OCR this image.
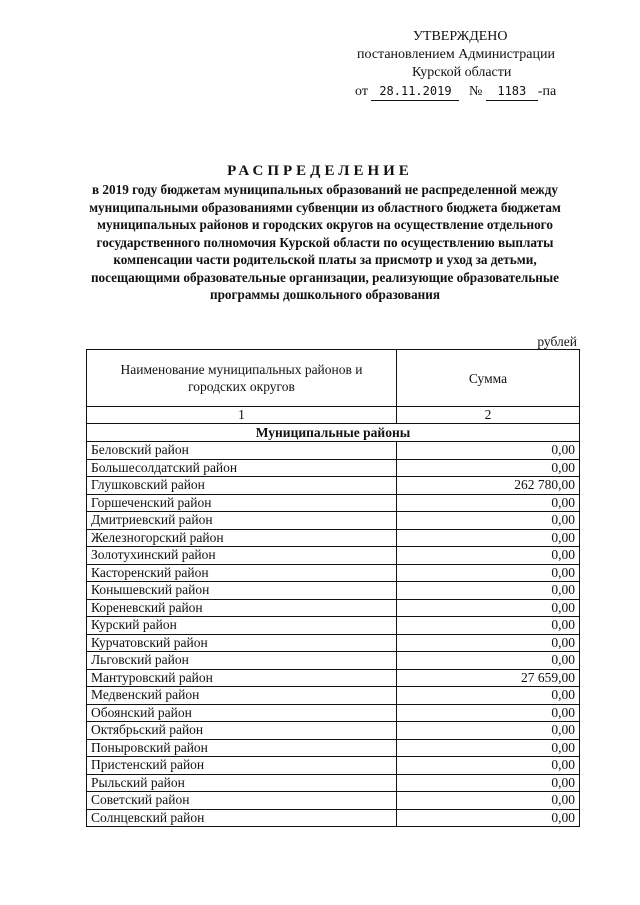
УТВЕРЖДЕНО
постановлением Администрации
Курской области
от 28.11.2019 № 1183 -па
РАСПРЕДЕЛЕНИЕ
в 2019 году бюджетам муниципальных образований не распределенной между муниципальными образованиями субвенции из областного бюджета бюджетам муниципальных районов и городских округов на осуществление отдельного государственного полномочия Курской области по осуществлению выплаты компенсации части родительской платы за присмотр и уход за детьми, посещающими образовательные организации, реализующие образовательные программы дошкольного образования
рублей
Наименование муниципальных районов и городских округов	Сумма
1	2
Муниципальные районы	
Беловский район	0,00
Большесолдатский район	0,00
Глушковский район	262 780,00
Горшеченский район	0,00
Дмитриевский район	0,00
Железногорский район	0,00
Золотухинский район	0,00
Касторенский район	0,00
Конышевский район	0,00
Кореневский район	0,00
Курский район	0,00
Курчатовский район	0,00
Льговский район	0,00
Мантуровский район	27 659,00
Медвенский район	0,00
Обоянский район	0,00
Октябрьский район	0,00
Поныровский район	0,00
Пристенский район	0,00
Рыльский район	0,00
Советский район	0,00
Солнцевский район	0,00
